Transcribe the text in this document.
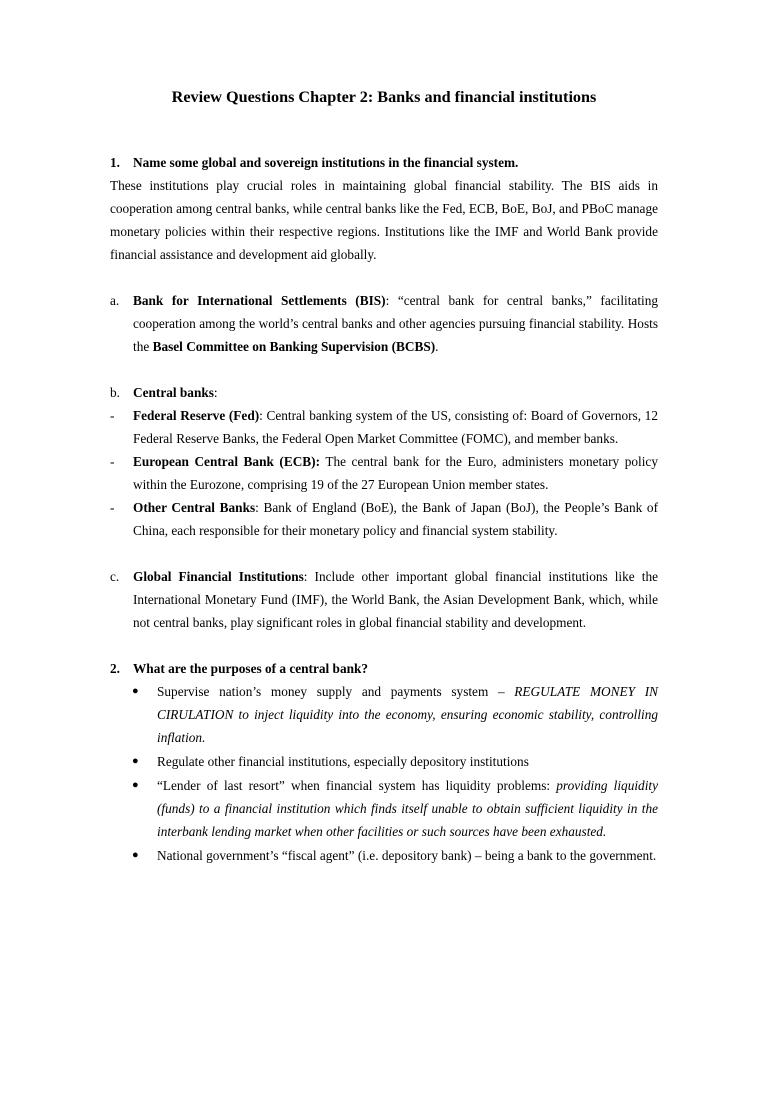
Review Questions Chapter 2: Banks and financial institutions
1. Name some global and sovereign institutions in the financial system.
These institutions play crucial roles in maintaining global financial stability. The BIS aids in cooperation among central banks, while central banks like the Fed, ECB, BoE, BoJ, and PBoC manage monetary policies within their respective regions. Institutions like the IMF and World Bank provide financial assistance and development aid globally.
a. Bank for International Settlements (BIS): “central bank for central banks,” facilitating cooperation among the world’s central banks and other agencies pursuing financial stability. Hosts the Basel Committee on Banking Supervision (BCBS).
b. Central banks:
- Federal Reserve (Fed): Central banking system of the US, consisting of: Board of Governors, 12 Federal Reserve Banks, the Federal Open Market Committee (FOMC), and member banks.
- European Central Bank (ECB): The central bank for the Euro, administers monetary policy within the Eurozone, comprising 19 of the 27 European Union member states.
- Other Central Banks: Bank of England (BoE), the Bank of Japan (BoJ), the People’s Bank of China, each responsible for their monetary policy and financial system stability.
c. Global Financial Institutions: Include other important global financial institutions like the International Monetary Fund (IMF), the World Bank, the Asian Development Bank, which, while not central banks, play significant roles in global financial stability and development.
2. What are the purposes of a central bank?
● Supervise nation’s money supply and payments system – REGULATE MONEY IN CIRULATION to inject liquidity into the economy, ensuring economic stability, controlling inflation.
● Regulate other financial institutions, especially depository institutions
● “Lender of last resort” when financial system has liquidity problems: providing liquidity (funds) to a financial institution which finds itself unable to obtain sufficient liquidity in the interbank lending market when other facilities or such sources have been exhausted.
● National government’s “fiscal agent” (i.e. depository bank) – being a bank to the government.
